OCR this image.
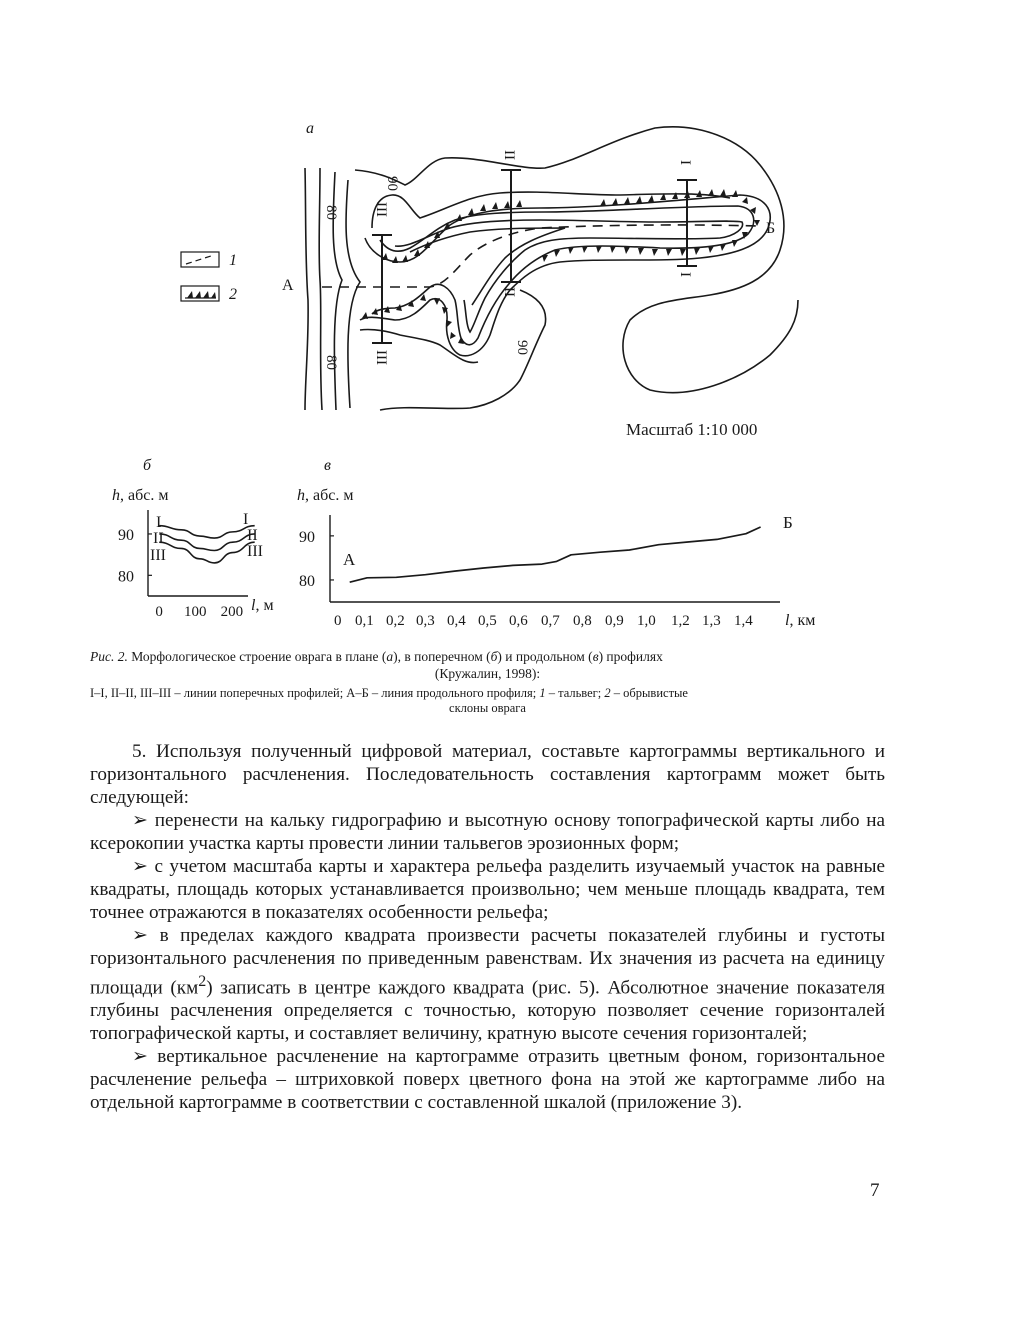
а
1
2
А
Б
80
80
90
90
I
I
II
II
III
III
Масштаб 1:10 000
б
h, абс. м
90
80
0 100 200 l, м
I
II
III
I
II
III
в
h, абс. м
90
80
0 0,1 0,2 0,3 0,4 0,5 0,6 0,7 0,8 0,9 1,0 1,2 1,3 1,4 l, км
А
Б
Рис. 2. Морфологическое строение оврага в плане (а), в поперечном (б) и продольном (в) профилях
(Кружалин, 1998):
I–I, II–II, III–III – линии поперечных профилей; А–Б – линия продольного профиля; 1 – тальвег; 2 – обрывистые
склоны оврага

5. Используя полученный цифровой материал, составьте картограммы вертикального и горизонтального расчленения. Последовательность составления картограмм может быть следующей:

➢ перенести на кальку гидрографию и высотную основу топографической карты либо на ксерокопии участка карты провести линии тальвегов эрозионных форм;

➢ с учетом масштаба карты и характера рельефа разделить изучаемый участок на равные квадраты, площадь которых устанавливается произвольно; чем меньше площадь квадрата, тем точнее отражаются в показателях особенности рельефа;

➢ в пределах каждого квадрата произвести расчеты показателей глубины и густоты горизонтального расчленения по приведенным равенствам. Их значения из расчета на единицу площади $(км^2)$ записать в центре каждого квадрата (рис. 5). Абсолютное значение показателя глубины расчленения определяется с точностью, которую позволяет сечение горизонталей топографической карты, и составляет величину, кратную высоте сечения горизонталей;

➢ вертикальное расчленение на картограмме отразить цветным фоном, горизонтальное расчленение рельефа – штриховкой поверх цветного фона на этой же картограмме либо на отдельной картограмме в соответствии с составленной шкалой (приложение 3).

7
